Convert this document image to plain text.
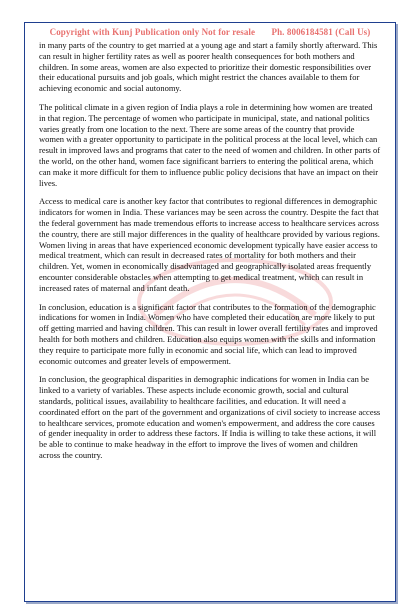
Copyright with Kunj Publication only Not for resale Ph. 8006184581 (Call Us)

in many parts of the country to get married at a young age and start a family shortly afterward. This can result in higher fertility rates as well as poorer health consequences for both mothers and children. In some areas, women are also expected to prioritize their domestic responsibilities over their educational pursuits and job goals, which might restrict the chances available to them for achieving economic and social autonomy.

The political climate in a given region of India plays a role in determining how women are treated in that region. The percentage of women who participate in municipal, state, and national politics varies greatly from one location to the next. There are some areas of the country that provide women with a greater opportunity to participate in the political process at the local level, which can result in improved laws and programs that cater to the need of women and children. In other parts of the world, on the other hand, women face significant barriers to entering the political arena, which can make it more difficult for them to influence public policy decisions that have an impact on their lives.

Access to medical care is another key factor that contributes to regional differences in demographic indicators for women in India. These variances may be seen across the country. Despite the fact that the federal government has made tremendous efforts to increase access to healthcare services across the country, there are still major differences in the quality of healthcare provided by various regions. Women living in areas that have experienced economic development typically have easier access to medical treatment, which can result in decreased rates of mortality for both mothers and their children. Yet, women in economically disadvantaged and geographically isolated areas frequently encounter considerable obstacles when attempting to get medical treatment, which can result in increased rates of maternal and infant death.

In conclusion, education is a significant factor that contributes to the formation of the demographic indications for women in India. Women who have completed their education are more likely to put off getting married and having children. This can result in lower overall fertility rates and improved health for both mothers and children. Education also equips women with the skills and information they require to participate more fully in economic and social life, which can lead to improved economic outcomes and greater levels of empowerment.

In conclusion, the geographical disparities in demographic indications for women in India can be linked to a variety of variables. These aspects include economic growth, social and cultural standards, political issues, availability to healthcare facilities, and education. It will need a coordinated effort on the part of the government and organizations of civil society to increase access to healthcare services, promote education and women's empowerment, and address the core causes of gender inequality in order to address these factors. If India is willing to take these actions, it will be able to continue to make headway in the effort to improve the lives of women and children across the country.
